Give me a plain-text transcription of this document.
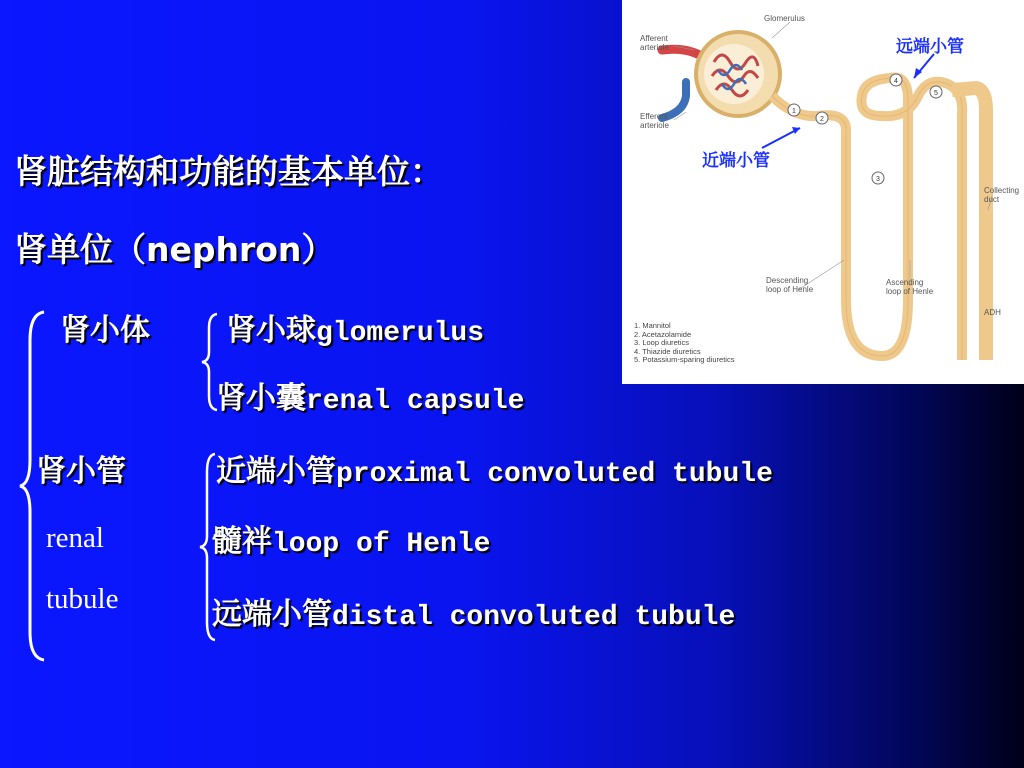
肾脏结构和功能的基本单位：
肾单位（nephron）
肾小体	肾小球glomerulus
肾小囊renal capsule
肾小管
renal
tubule
近端小管proximal convoluted tubule
髓袢loop of Henle
远端小管distal convoluted tubule
1
2
3
4
5
Glomerulus
Afferent
arteriole
Efferent
arteriole
Collecting
duct
Descending
loop of Henle
Ascending
loop of Henle
ADH
远端小管
近端小管
1. Mannitol
2. Acetazolamide
3. Loop diuretics
4. Thiazide diuretics
5. Potassium-sparing diuretics
